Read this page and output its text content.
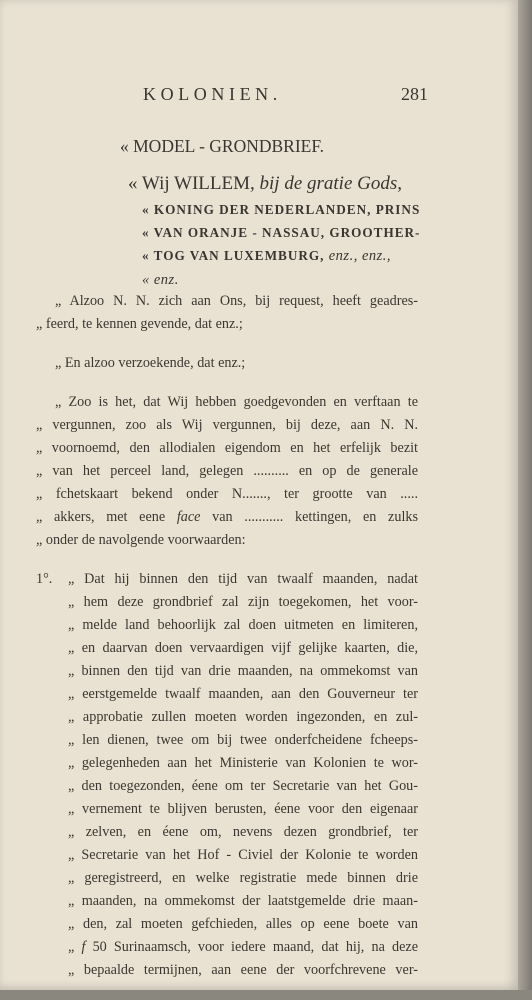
KOLONIEN.	281
« MODEL - GRONDBRIEF.
« Wij WILLEM, bij de gratie Gods,
« KONING DER NEDERLANDEN, PRINS
« VAN ORANJE - NASSAU, GROOTHER-
« TOG VAN LUXEMBURG, enz., enz.,
« enz.
„ Alzoo N. N. zich aan Ons, bij request, heeft geadres-
„ feerd, te kennen gevende, dat enz.;
„ En alzoo verzoekende, dat enz.;
„ Zoo is het, dat Wij hebben goedgevonden en verftaan te
„ vergunnen, zoo als Wij vergunnen, bij deze, aan N. N.
„ voornoemd, den allodialen eigendom en het erfelijk bezit
„ van het perceel land, gelegen .......... en op de generale
„ fchetskaart bekend onder N......., ter grootte van .....
„ akkers, met eene face van ........... kettingen, en zulks
„ onder de navolgende voorwaarden:
1°. „ Dat hij binnen den tijd van twaalf maanden, nadat
„ hem deze grondbrief zal zijn toegekomen, het voor-
„ melde land behoorlijk zal doen uitmeten en limiteren,
„ en daarvan doen vervaardigen vijf gelijke kaarten, die,
„ binnen den tijd van drie maanden, na ommekomst van
„ eerstgemelde twaalf maanden, aan den Gouverneur ter
„ approbatie zullen moeten worden ingezonden, en zul-
„ len dienen, twee om bij twee onderfcheidene fcheeps-
„ gelegenheden aan het Ministerie van Kolonien te wor-
„ den toegezonden, éene om ter Secretarie van het Gou-
„ vernement te blijven berusten, éene voor den eigenaar
„ zelven, en éene om, nevens dezen grondbrief, ter
„ Secretarie van het Hof - Civiel der Kolonie te worden
„ geregistreerd, en welke registratie mede binnen drie
„ maanden, na ommekomst der laatstgemelde drie maan-
„ den, zal moeten gefchieden, alles op eene boete van
„ f 50 Surinaamsch, voor iedere maand, dat hij, na deze
„ bepaalde termijnen, aan eene der voorfchrevene ver-
